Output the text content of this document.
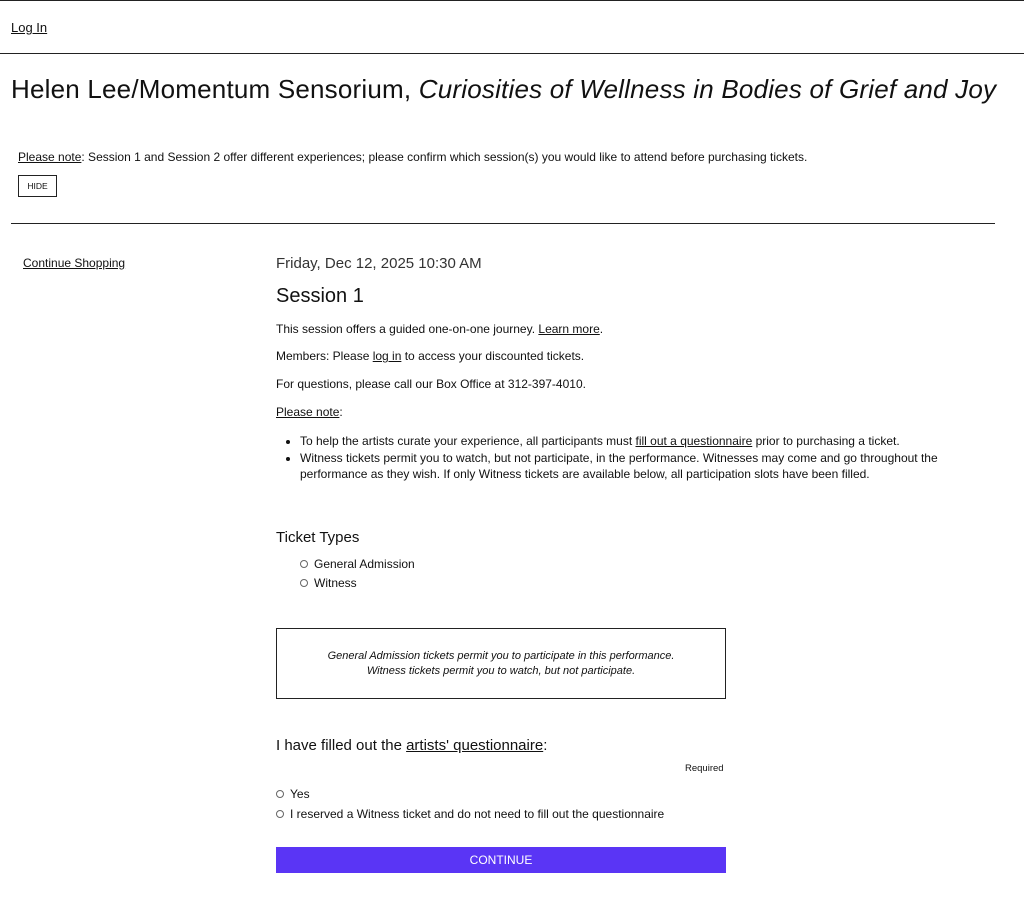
Log In
Helen Lee/Momentum Sensorium, Curiosities of Wellness in Bodies of Grief and Joy
Please note: Session 1 and Session 2 offer different experiences; please confirm which session(s) you would like to attend before purchasing tickets.
HIDE
Continue Shopping	Friday, Dec 12, 2025 10:30 AM

Session 1
This session offers a guided one-on-one journey. Learn more.
Members: Please log in to access your discounted tickets.
For questions, please call our Box Office at 312-397-4010.
Please note:
• To help the artists curate your experience, all participants must fill out a questionnaire prior to purchasing a ticket.
• Witness tickets permit you to watch, but not participate, in the performance. Witnesses may come and go throughout the performance as they wish. If only Witness tickets are available below, all participation slots have been filled.
Ticket Types
General Admission
Witness
General Admission tickets permit you to participate in this performance.
Witness tickets permit you to watch, but not participate.
I have filled out the artists' questionnaire:
Required
Yes
I reserved a Witness ticket and do not need to fill out the questionnaire
CONTINUE
